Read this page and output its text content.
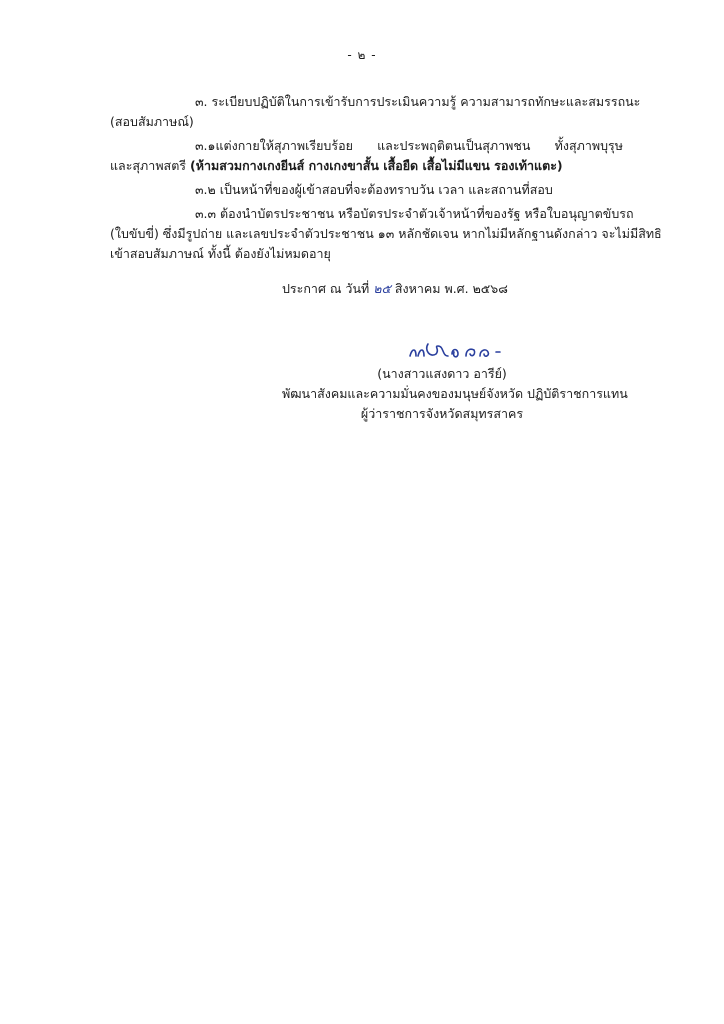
- ๒ -
๓. ระเบียบปฏิบัติในการเข้ารับการประเมินความรู้ ความสามารถทักษะและสมรรถนะ
(สอบสัมภาษณ์)
๓.๑แต่งกายให้สุภาพเรียบร้อย และประพฤติตนเป็นสุภาพชน ทั้งสุภาพบุรุษ
และสุภาพสตรี (ห้ามสวมกางเกงยีนส์ กางเกงขาสั้น เสื้อยืด เสื้อไม่มีแขน รองเท้าแตะ)
๓.๒ เป็นหน้าที่ของผู้เข้าสอบที่จะต้องทราบวัน เวลา และสถานที่สอบ
๓.๓ ต้องนำบัตรประชาชน หรือบัตรประจำตัวเจ้าหน้าที่ของรัฐ หรือใบอนุญาตขับรถ
(ใบขับขี่) ซึ่งมีรูปถ่าย และเลขประจำตัวประชาชน ๑๓ หลักชัดเจน หากไม่มีหลักฐานดังกล่าว จะไม่มีสิทธิ
เข้าสอบสัมภาษณ์ ทั้งนี้ ต้องยังไม่หมดอายุ
ประกาศ ณ วันที่ ๒๕ สิงหาคม พ.ศ. ๒๕๖๘
(นางสาวแสงดาว อารีย์)
พัฒนาสังคมและความมั่นคงของมนุษย์จังหวัด ปฏิบัติราชการแทน
ผู้ว่าราชการจังหวัดสมุทรสาคร
